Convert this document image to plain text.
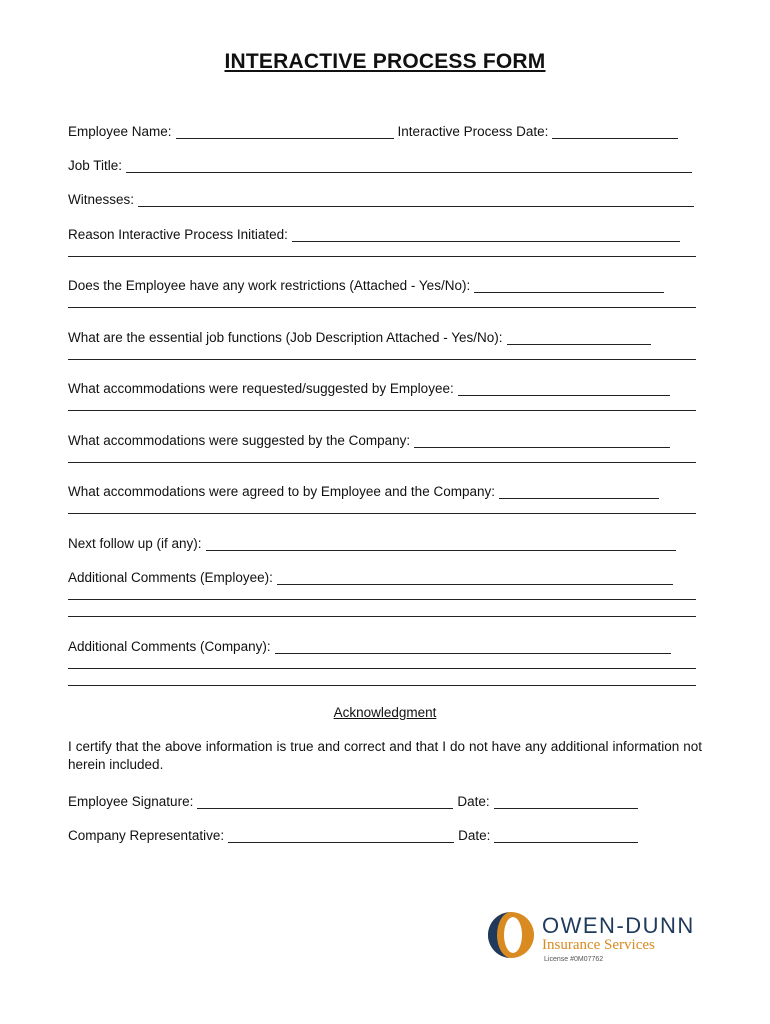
INTERACTIVE PROCESS FORM
Employee Name:	Interactive Process Date:
Job Title:
Witnesses:
Reason Interactive Process Initiated:
Does the Employee have any work restrictions (Attached - Yes/No):
What are the essential job functions (Job Description Attached - Yes/No):
What accommodations were requested/suggested by Employee:
What accommodations were suggested by the Company:
What accommodations were agreed to by Employee and the Company:
Next follow up (if any):
Additional Comments (Employee):
Additional Comments (Company):
Acknowledgment
I certify that the above information is true and correct and that I do not have any additional information not herein included.
Employee Signature:	Date:
Company Representative:	Date:
OWEN-DUNN
Insurance Services
License #0M07762
